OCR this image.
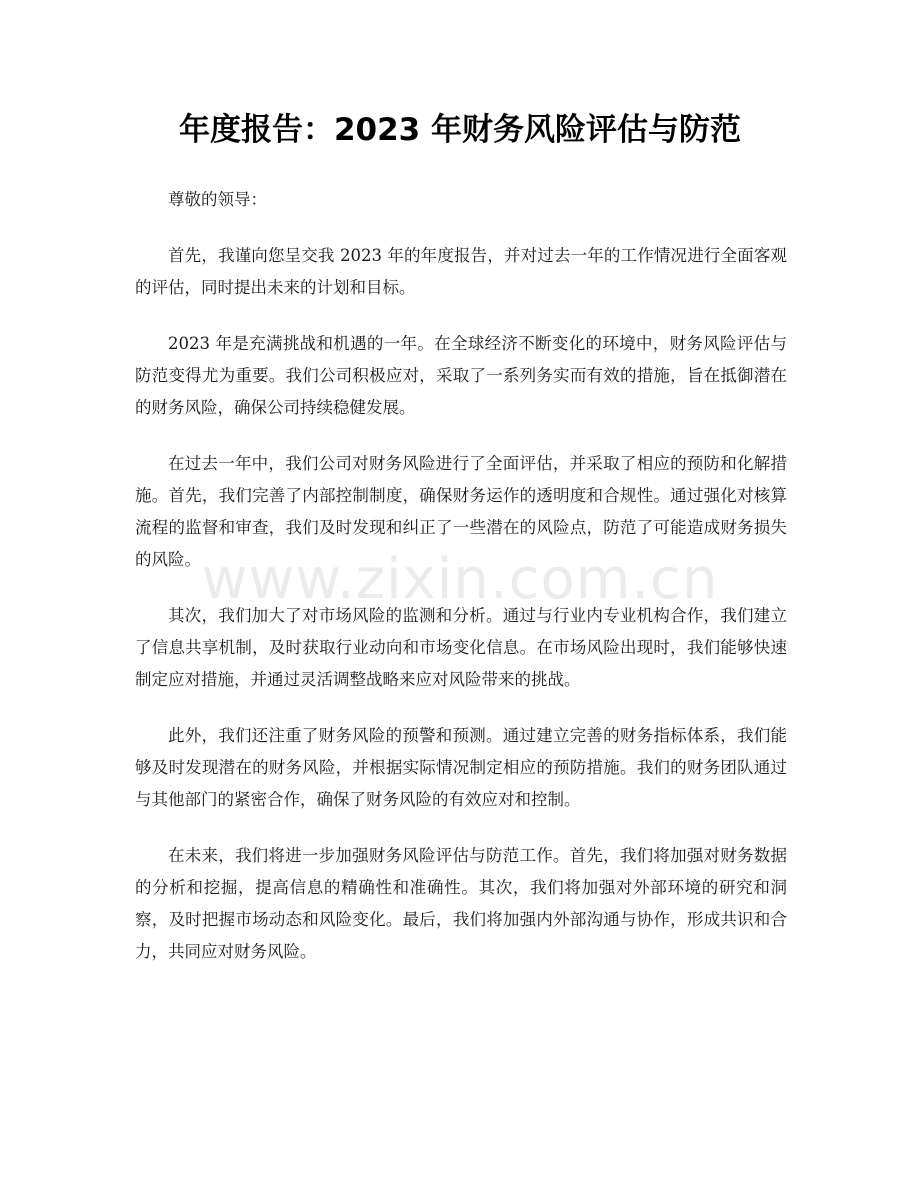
年度报告：2023 年财务风险评估与防范

尊敬的领导：

首先，我谨向您呈交我 2023 年的年度报告，并对过去一年的工作情况进行全面客观的评估，同时提出未来的计划和目标。

2023 年是充满挑战和机遇的一年。在全球经济不断变化的环境中，财务风险评估与防范变得尤为重要。我们公司积极应对，采取了一系列务实而有效的措施，旨在抵御潜在的财务风险，确保公司持续稳健发展。

在过去一年中，我们公司对财务风险进行了全面评估，并采取了相应的预防和化解措施。首先，我们完善了内部控制制度，确保财务运作的透明度和合规性。通过强化对核算流程的监督和审查，我们及时发现和纠正了一些潜在的风险点，防范了可能造成财务损失的风险。

其次，我们加大了对市场风险的监测和分析。通过与行业内专业机构合作，我们建立了信息共享机制，及时获取行业动向和市场变化信息。在市场风险出现时，我们能够快速制定应对措施，并通过灵活调整战略来应对风险带来的挑战。

此外，我们还注重了财务风险的预警和预测。通过建立完善的财务指标体系，我们能够及时发现潜在的财务风险，并根据实际情况制定相应的预防措施。我们的财务团队通过与其他部门的紧密合作，确保了财务风险的有效应对和控制。

在未来，我们将进一步加强财务风险评估与防范工作。首先，我们将加强对财务数据的分析和挖掘，提高信息的精确性和准确性。其次，我们将加强对外部环境的研究和洞察，及时把握市场动态和风险变化。最后，我们将加强内外部沟通与协作，形成共识和合力，共同应对财务风险。

www.zixin.com.cn
